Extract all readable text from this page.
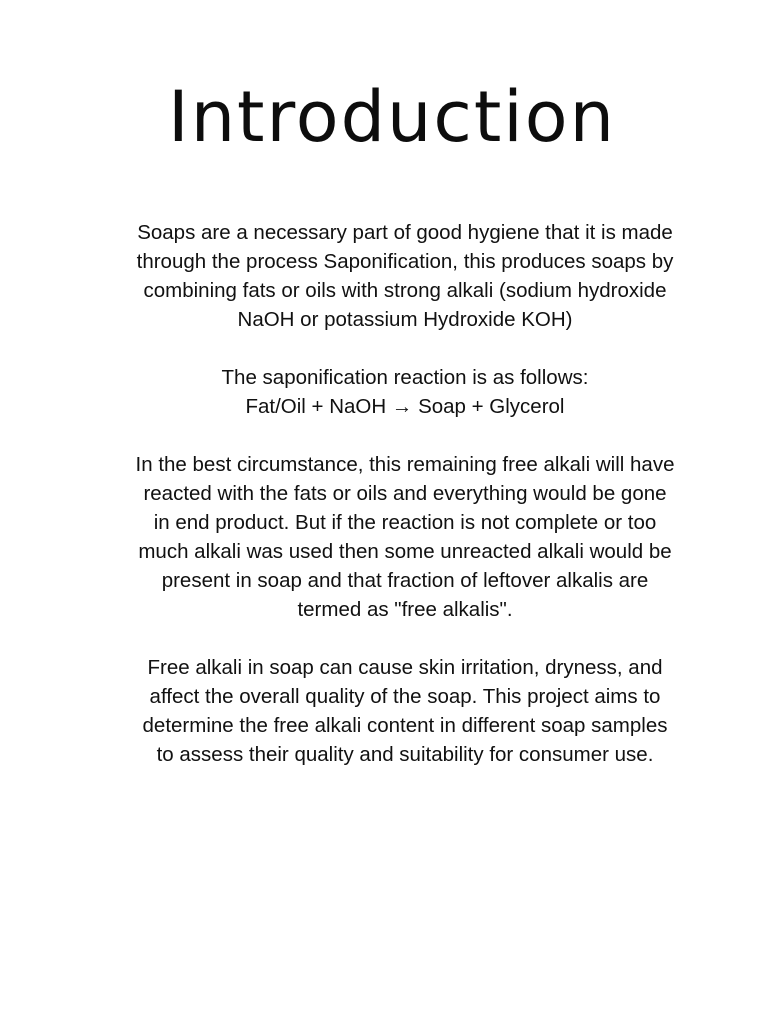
Introduction

Soaps are a necessary part of good hygiene that it is made
through the process Saponification, this produces soaps by
combining fats or oils with strong alkali (sodium hydroxide
NaOH or potassium Hydroxide KOH)

The saponification reaction is as follows:
Fat/Oil + NaOH → Soap + Glycerol

In the best circumstance, this remaining free alkali will have
reacted with the fats or oils and everything would be gone
in end product. But if the reaction is not complete or too
much alkali was used then some unreacted alkali would be
present in soap and that fraction of leftover alkalis are
termed as "free alkalis".

Free alkali in soap can cause skin irritation, dryness, and
affect the overall quality of the soap. This project aims to
determine the free alkali content in different soap samples
to assess their quality and suitability for consumer use.
